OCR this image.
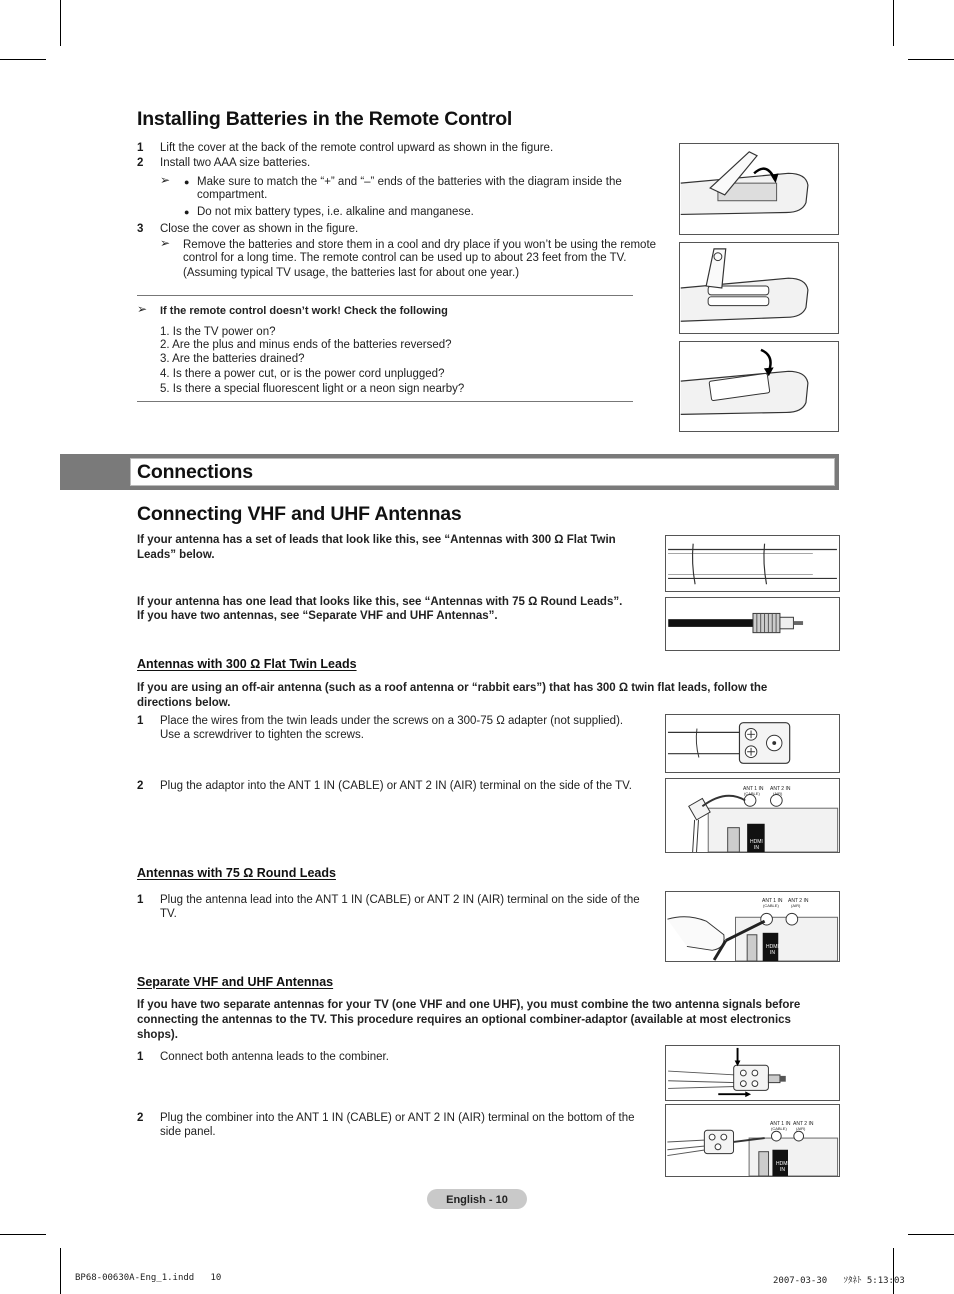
Installing Batteries in the Remote Control
1 Lift the cover at the back of the remote control upward as shown in the figure.
2 Install two AAA size batteries.
➢ ● Make sure to match the “+” and “–” ends of the batteries with the diagram inside the
compartment.
● Do not mix battery types, i.e. alkaline and manganese.
3 Close the cover as shown in the figure.
➢ Remove the batteries and store them in a cool and dry place if you won’t be using the remote
control for a long time. The remote control can be used up to about 23 feet from the TV.
(Assuming typical TV usage, the batteries last for about one year.)
➢ If the remote control doesn’t work! Check the following
1. Is the TV power on?
2. Are the plus and minus ends of the batteries reversed?
3. Are the batteries drained?
4. Is there a power cut, or is the power cord unplugged?
5. Is there a special fluorescent light or a neon sign nearby?
Connections
Connecting VHF and UHF Antennas
If your antenna has a set of leads that look like this, see “Antennas with 300 Ω Flat Twin
Leads” below.
If your antenna has one lead that looks like this, see “Antennas with 75 Ω Round Leads”.
If you have two antennas, see “Separate VHF and UHF Antennas”.
Antennas with 300 Ω Flat Twin Leads
If you are using an off-air antenna (such as a roof antenna or “rabbit ears”) that has 300 Ω twin flat leads, follow the
directions below.
1 Place the wires from the twin leads under the screws on a 300-75 Ω adapter (not supplied).
Use a screwdriver to tighten the screws.
2 Plug the adaptor into the ANT 1 IN (CABLE) or ANT 2 IN (AIR) terminal on the side of the TV.	ANT 1 IN
(CABLE)
ANT 2 IN
(AIR)
HDMI
IN
Antennas with 75 Ω Round Leads
1 Plug the antenna lead into the ANT 1 IN (CABLE) or ANT 2 IN (AIR) terminal on the side of the
TV.
ANT 1 IN
(CABLE)
ANT 2 IN
(AIR)
HDMI
IN
Separate VHF and UHF Antennas
If you have two separate antennas for your TV (one VHF and one UHF), you must combine the two antenna signals before
connecting the antennas to the TV. This procedure requires an optional combiner-adaptor (available at most electronics
shops).
1 Connect both antenna leads to the combiner.
2 Plug the combiner into the ANT 1 IN (CABLE) or ANT 2 IN (AIR) terminal on the bottom of the
side panel.
ANT 1 IN
(CABLE)
ANT 2 IN
(AIR)
HDMI
IN
English - 10
BP68-00630A-Eng_1.indd   10	2007-03-30   ｿﾀﾈﾄ 5:13:03
